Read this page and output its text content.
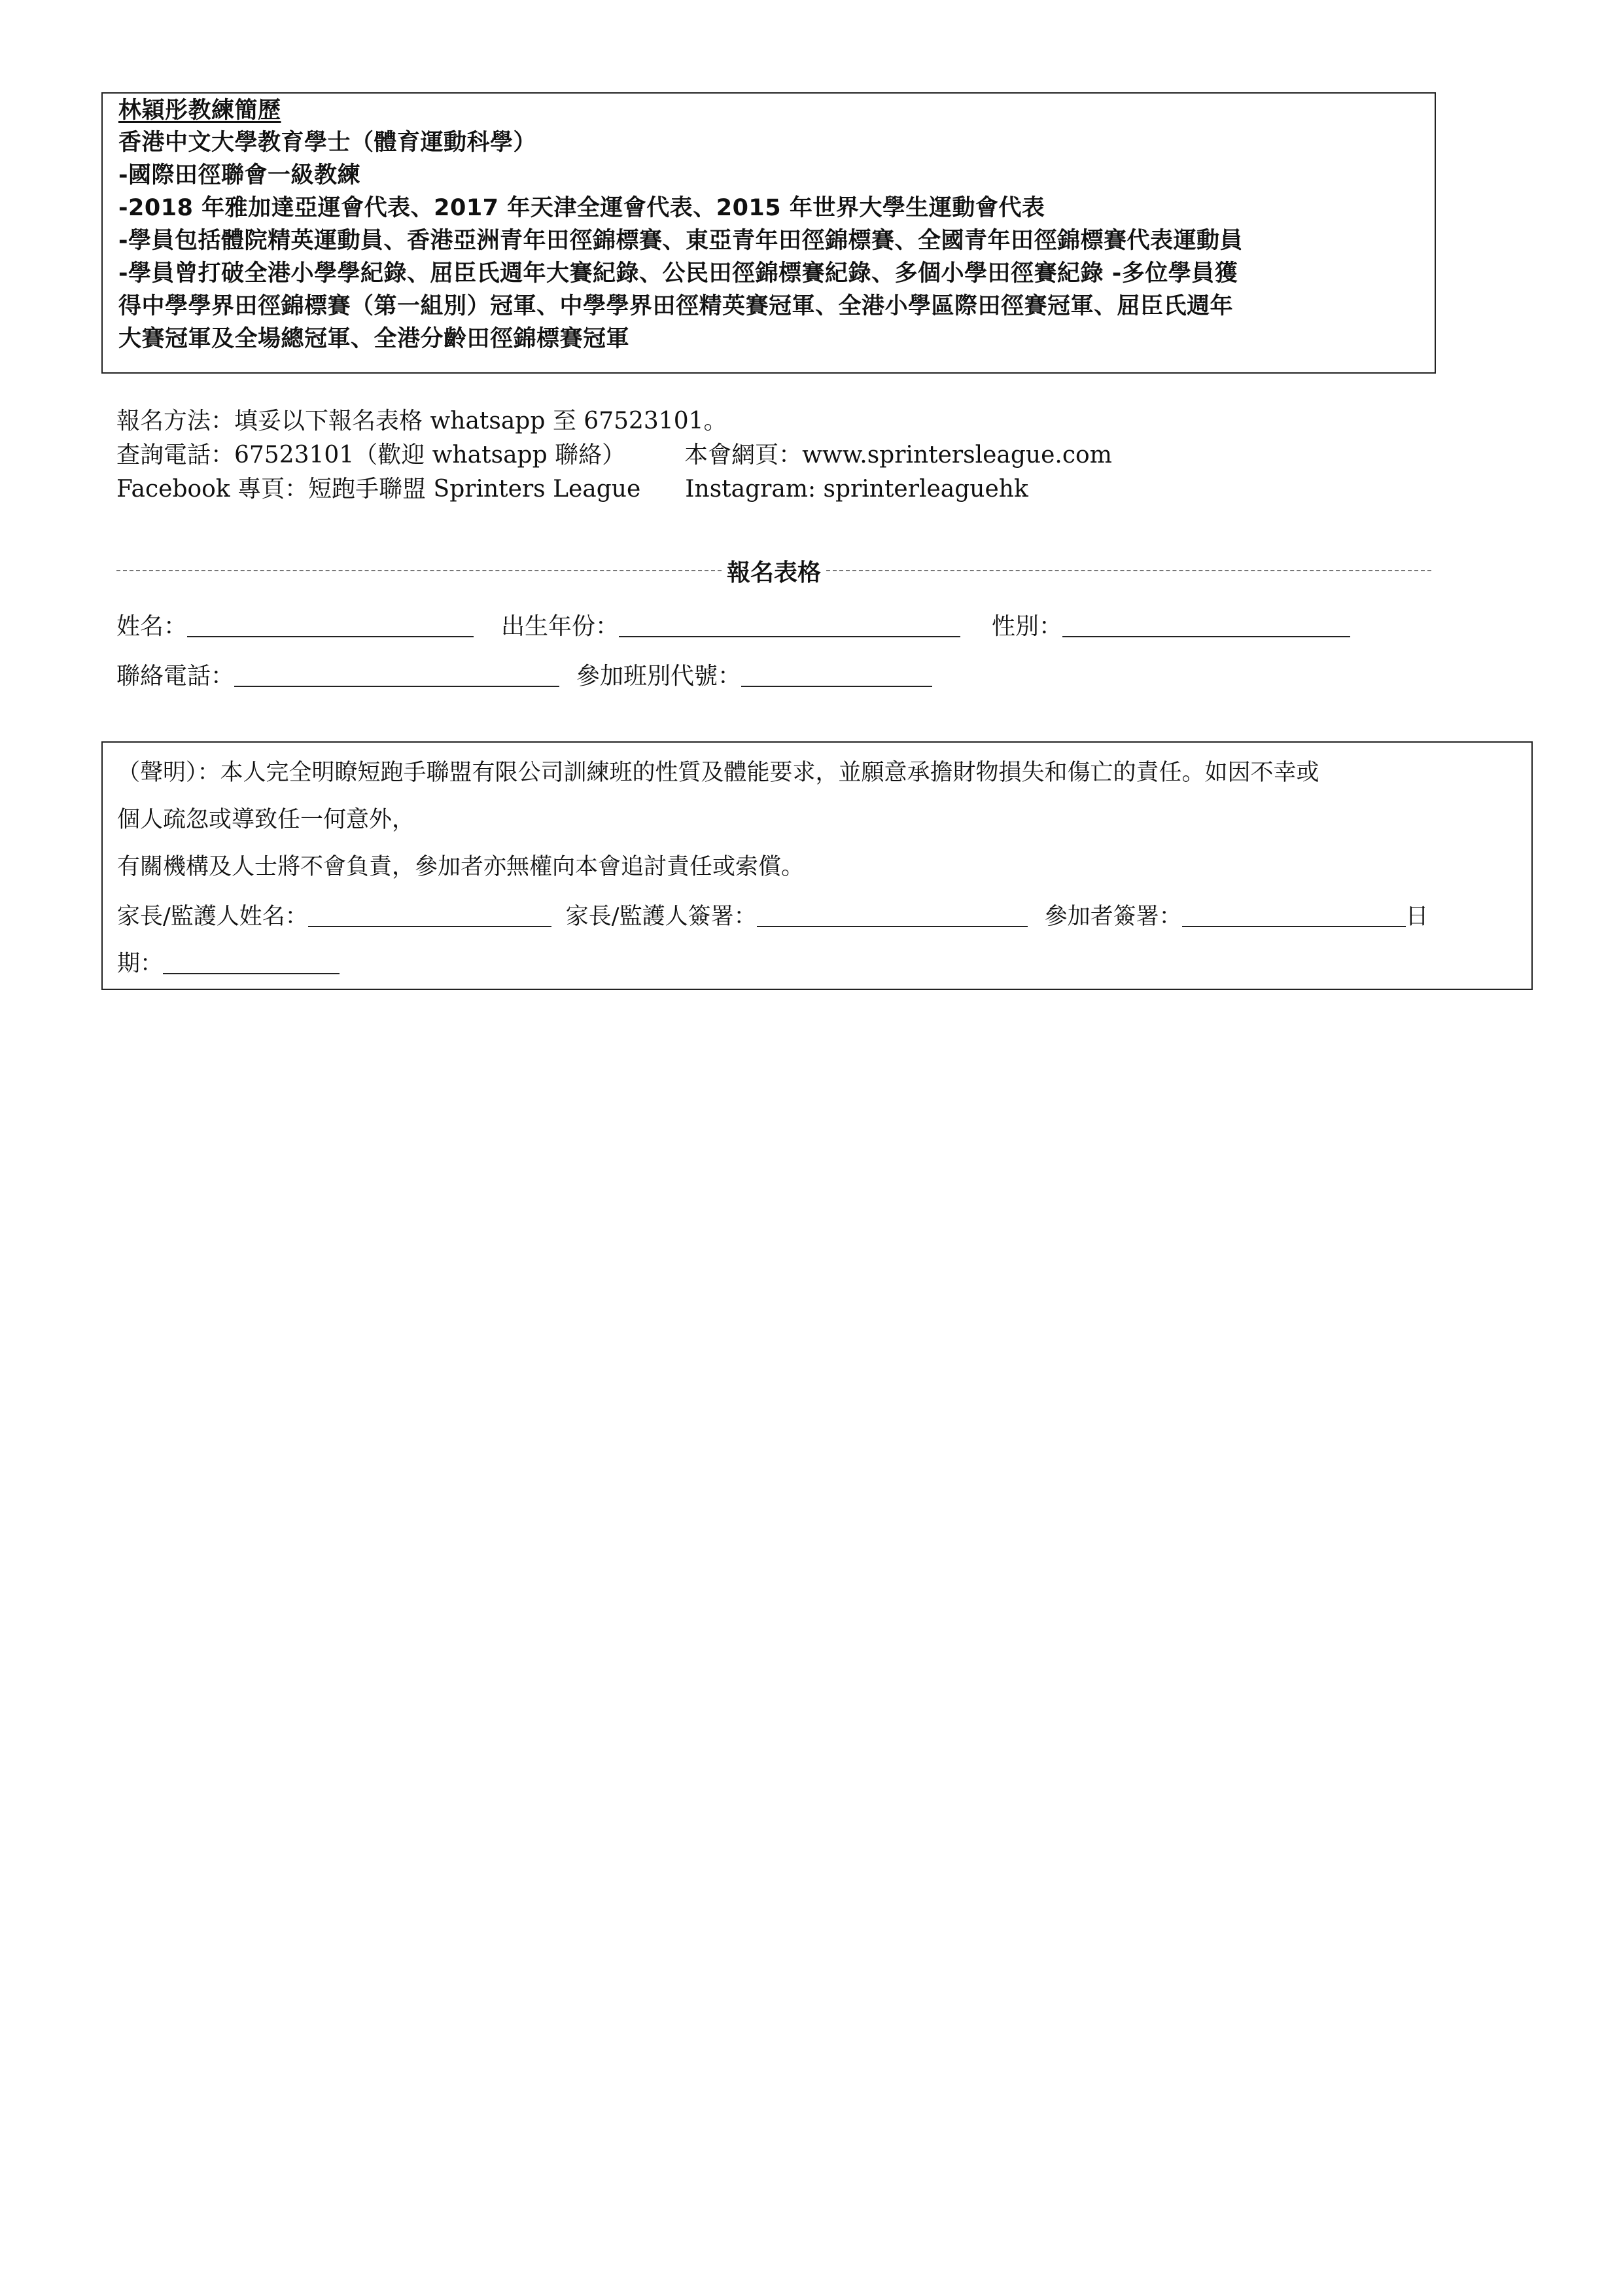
林穎彤教練簡歷
香港中文大學教育學士（體育運動科學）
-國際田徑聯會一級教練
-2018 年雅加達亞運會代表、2017 年天津全運會代表、2015 年世界大學生運動會代表
-學員包括體院精英運動員、香港亞洲青年田徑錦標賽、東亞青年田徑錦標賽、全國青年田徑錦標賽代表運動員
-學員曾打破全港小學學紀錄、屈臣氏週年大賽紀錄、公民田徑錦標賽紀錄、多個小學田徑賽紀錄 -多位學員獲
得中學學界田徑錦標賽（第一組別）冠軍、中學學界田徑精英賽冠軍、全港小學區際田徑賽冠軍、屈臣氏週年
大賽冠軍及全場總冠軍、全港分齡田徑錦標賽冠軍
報名方法：填妥以下報名表格 whatsapp 至 67523101。
查詢電話：67523101（歡迎 whatsapp 聯絡）	本會網頁：www.sprintersleague.com
Facebook 專頁：短跑手聯盟 Sprinters League Instagram: sprinterleaguehk
報名表格
姓名：	出生年份：	性別：
聯絡電話：	參加班別代號：
（聲明）：本人完全明瞭短跑手聯盟有限公司訓練班的性質及體能要求，並願意承擔財物損失和傷亡的責任。如因不幸或
個人疏忽或導致任一何意外，
有關機構及人士將不會負責，參加者亦無權向本會追討責任或索償。
家長/監護人姓名：	家長/監護人簽署：	參加者簽署：	日
期：
